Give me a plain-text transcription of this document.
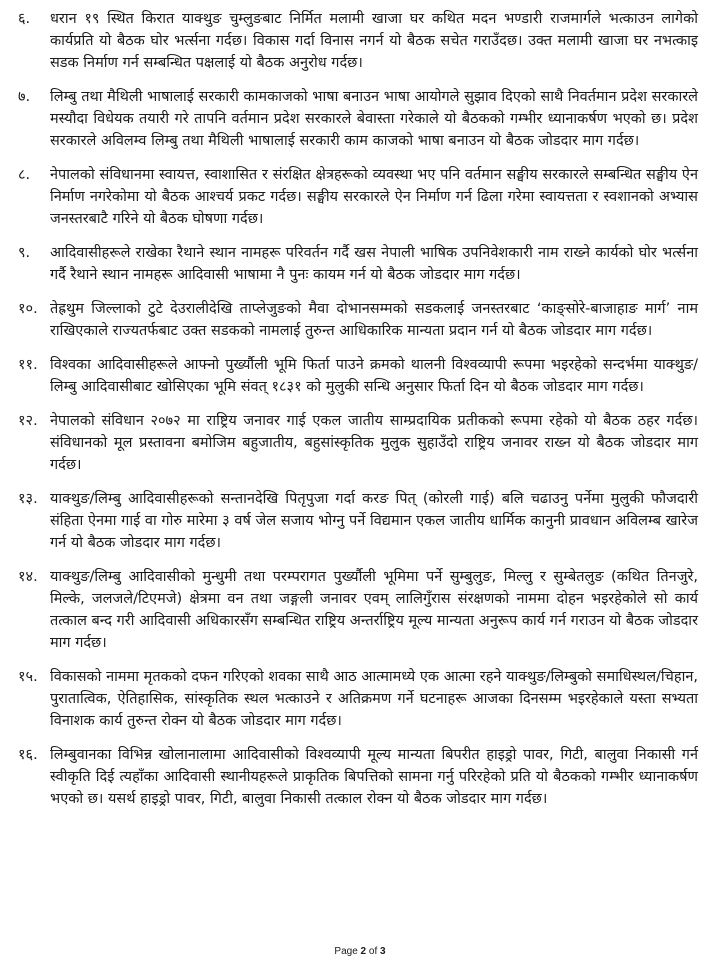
६. धरान १९ स्थित किरात याक्थुङ चुम्लुङबाट निर्मित मलामी खाजा घर कथित मदन भण्डारी राजमार्गले भत्काउन लागेको कार्यप्रति यो बैठक घोर भर्त्सना गर्दछ। विकास गर्दा विनास नगर्न यो बैठक सचेत गराउँदछ। उक्त मलामी खाजा घर नभत्काइ सडक निर्माण गर्न सम्बन्धित पक्षलाई यो बैठक अनुरोध गर्दछ।
७. लिम्बु तथा मैथिली भाषालाई सरकारी कामकाजको भाषा बनाउन भाषा आयोगले सुझाव दिएको साथै निवर्तमान प्रदेश सरकारले मस्यौदा विधेयक तयारी गरे तापनि वर्तमान प्रदेश सरकारले बेवास्ता गरेकाले यो बैठकको गम्भीर ध्यानाकर्षण भएको छ। प्रदेश सरकारले अविलम्व लिम्बु तथा मैथिली भाषालाई सरकारी काम काजको भाषा बनाउन यो बैठक जोडदार माग गर्दछ।
८. नेपालको संविधानमा स्वायत्त, स्वाशासित र संरक्षित क्षेत्रहरूको व्यवस्था भए पनि वर्तमान सङ्घीय सरकारले सम्बन्धित सङ्घीय ऐन निर्माण नगरेकोमा यो बैठक आश्चर्य प्रकट गर्दछ। सङ्घीय सरकारले ऐन निर्माण गर्न ढिला गरेमा स्वायत्तता र स्वशानको अभ्यास जनस्तरबाटै गरिने यो बैठक घोषणा गर्दछ।
९. आदिवासीहरूले राखेका रैथाने स्थान नामहरू परिवर्तन गर्दै खस नेपाली भाषिक उपनिवेशकारी नाम राख्ने कार्यको घोर भर्त्सना गर्दै रैथाने स्थान नामहरू आदिवासी भाषामा नै पुनः कायम गर्न यो बैठक जोडदार माग गर्दछ।
१०. तेह्रथुम जिल्लाको टुटे देउरालीदेखि ताप्लेजुङको मैवा दोभानसम्मको सडकलाई जनस्तरबाट ‘काङ्सोरे-बाजाहाङ मार्ग’ नाम राखिएकाले राज्यतर्फबाट उक्त सडकको नामलाई तुरुन्त आधिकारिक मान्यता प्रदान गर्न यो बैठक जोडदार माग गर्दछ।
११. विश्वका आदिवासीहरूले आफ्नो पुर्ख्यौली भूमि फिर्ता पाउने क्रमको थालनी विश्वव्यापी रूपमा भइरहेको सन्दर्भमा याक्थुङ/लिम्बु आदिवासीबाट खोसिएका भूमि संवत् १८३१ को मुलुकी सन्धि अनुसार फिर्ता दिन यो बैठक जोडदार माग गर्दछ।
१२. नेपालको संविधान २०७२ मा राष्ट्रिय जनावर गाई एकल जातीय साम्प्रदायिक प्रतीकको रूपमा रहेको यो बैठक ठहर गर्दछ। संविधानको मूल प्रस्तावना बमोजिम बहुजातीय, बहुसांस्कृतिक मुलुक सुहाउँदो राष्ट्रिय जनावर राख्न यो बैठक जोडदार माग गर्दछ।
१३. याक्थुङ/लिम्बु आदिवासीहरूको सन्तानदेखि पितृपुजा गर्दा करङ पित् (कोरली गाई) बलि चढाउनु पर्नेमा मुलुकी फौजदारी संहिता ऐनमा गाई वा गोरु मारेमा ३ वर्ष जेल सजाय भोग्नु पर्ने विद्यमान एकल जातीय धार्मिक कानुनी प्रावधान अविलम्ब खारेज गर्न यो बैठक जोडदार माग गर्दछ।
१४. याक्थुङ/लिम्बु आदिवासीको मुन्धुमी तथा परम्परागत पुर्ख्यौली भूमिमा पर्ने सुम्बुलुङ, मिल्लु र सुम्बेतलुङ (कथित तिनजुरे, मिल्के, जलजले/टिएमजे) क्षेत्रमा वन तथा जङ्गली जनावर एवम् लालिगुँरास संरक्षणको नाममा दोहन भइरहेकोले सो कार्य तत्काल बन्द गरी आदिवासी अधिकारसँग सम्बन्धित राष्ट्रिय अन्तर्राष्ट्रिय मूल्य मान्यता अनुरूप कार्य गर्न गराउन यो बैठक जोडदार माग गर्दछ।
१५. विकासको नाममा मृतकको दफन गरिएको शवका साथै आठ आत्मामध्ये एक आत्मा रहने याक्थुङ/लिम्बुको समाधिस्थल/चिहान, पुरातात्विक, ऐतिहासिक, सांस्कृतिक स्थल भत्काउने र अतिक्रमण गर्ने घटनाहरू आजका दिनसम्म भइरहेकाले यस्ता सभ्यता विनाशक कार्य तुरुन्त रोक्न यो बैठक जोडदार माग गर्दछ।
१६. लिम्बुवानका विभिन्न खोलानालामा आदिवासीको विश्वव्यापी मूल्य मान्यता बिपरीत हाइड्रो पावर, गिटी, बालुवा निकासी गर्न स्वीकृति दिई त्यहाँका आदिवासी स्थानीयहरूले प्राकृतिक बिपत्तिको सामना गर्नु परिरहेको प्रति यो बैठकको गम्भीर ध्यानाकर्षण भएको छ। यसर्थ हाइड्रो पावर, गिटी, बालुवा निकासी तत्काल रोक्न यो बैठक जोडदार माग गर्दछ।
Page 2 of 3
